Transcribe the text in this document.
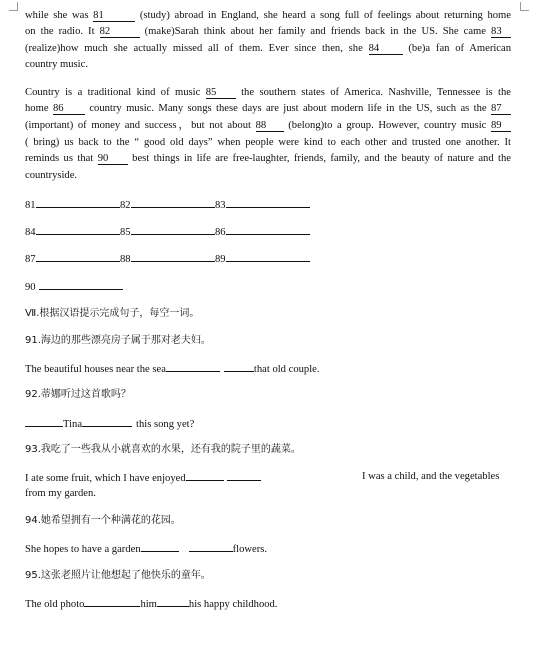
while she was 81	(study) abroad in England, she heard a song full of feelings about returning home
on the radio. It 82	(make)Sarah think about her family and friends back in the US. She came 83
(realize)how much she actually missed all of them. Ever since then, she 84	(be)a fan of American
country music.
Country is a traditional kind of music 85 the southern states of America. Nashville, Tennessee is the
home 86 country music. Many songs these days are just about modern life in the US, such as the 87
(important) of money and success，but not about 88 (belong)to a group. However, country music 89
( bring) us back to the “ good old days” when people were kind to each other and trusted one another. It
reminds us that 90 best things in life are free-laughter, friends, family, and the beauty of nature and the
countryside.
81	82	83
84	85	86
87	88	89
90
Ⅶ.根据汉语提示完成句子，每空一词。
91.海边的那些漂亮房子属于那对老夫妇。
The beautiful houses near the sea	that old couple.
92.蒂娜听过这首歌吗？
Tina	this song yet?
93.我吃了一些我从小就喜欢的水果，还有我的院子里的蔬菜。
I ate some fruit, which I have enjoyed	I was a child, and the vegetables
from my garden.
94.她希望拥有一个种满花的花园。
She hopes to have a garden	flowers.
95.这张老照片让他想起了他快乐的童年。
The old photo	him	his happy childhood.
